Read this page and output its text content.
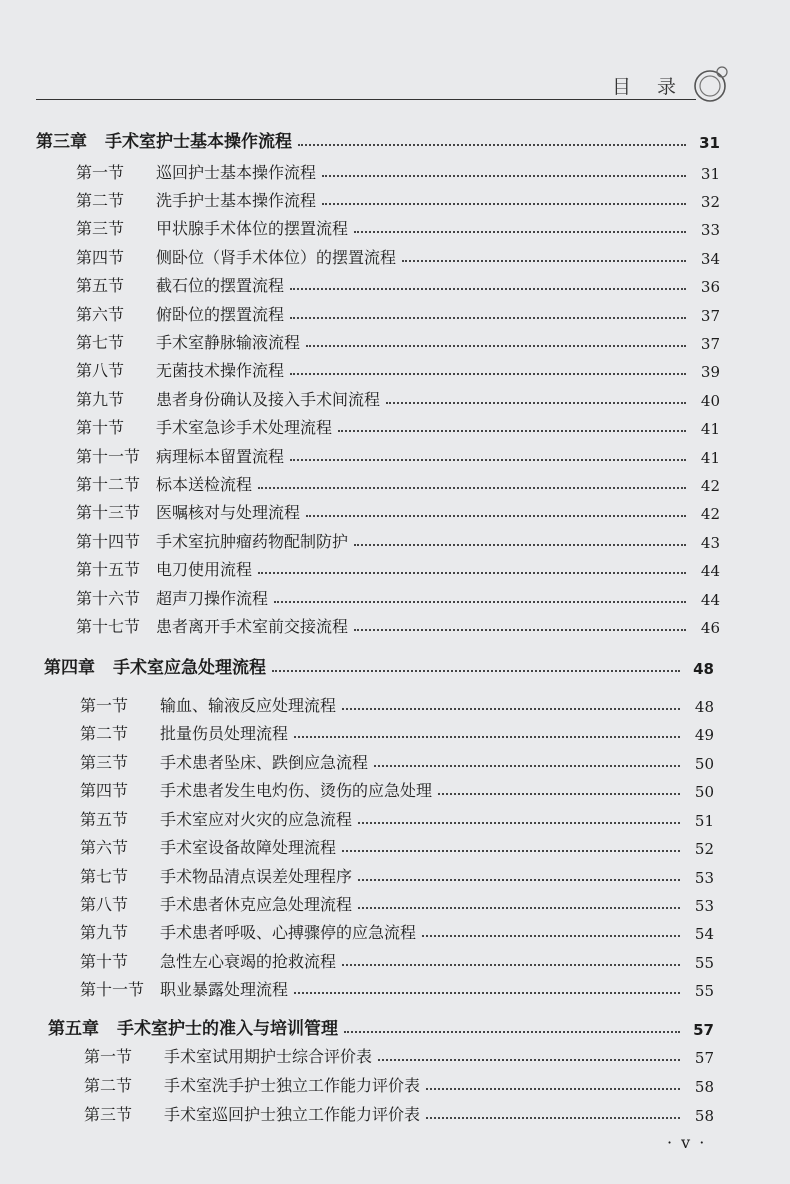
目 录
第三章 手术室护士基本操作流程	31
第一节	巡回护士基本操作流程	31
第二节	洗手护士基本操作流程	32
第三节	甲状腺手术体位的摆置流程	33
第四节	侧卧位（肾手术体位）的摆置流程	34
第五节	截石位的摆置流程	36
第六节	俯卧位的摆置流程	37
第七节	手术室静脉输液流程	37
第八节	无菌技术操作流程	39
第九节	患者身份确认及接入手术间流程	40
第十节	手术室急诊手术处理流程	41
第十一节 病理标本留置流程	41
第十二节 标本送检流程	42
第十三节 医嘱核对与处理流程	42
第十四节 手术室抗肿瘤药物配制防护	43
第十五节 电刀使用流程	44
第十六节 超声刀操作流程	44
第十七节 患者离开手术室前交接流程	46
第四章 手术室应急处理流程	48
第一节	输血、输液反应处理流程	48
第二节	批量伤员处理流程	49
第三节	手术患者坠床、跌倒应急流程	50
第四节	手术患者发生电灼伤、烫伤的应急处理	50
第五节	手术室应对火灾的应急流程	51
第六节	手术室设备故障处理流程	52
第七节	手术物品清点误差处理程序	53
第八节	手术患者休克应急处理流程	53
第九节	手术患者呼吸、心搏骤停的应急流程	54
第十节	急性左心衰竭的抢救流程	55
第十一节 职业暴露处理流程	55
第五章 手术室护士的准入与培训管理	57
第一节	手术室试用期护士综合评价表	57
第二节	手术室洗手护士独立工作能力评价表	58
第三节	手术室巡回护士独立工作能力评价表	58
· v ·
